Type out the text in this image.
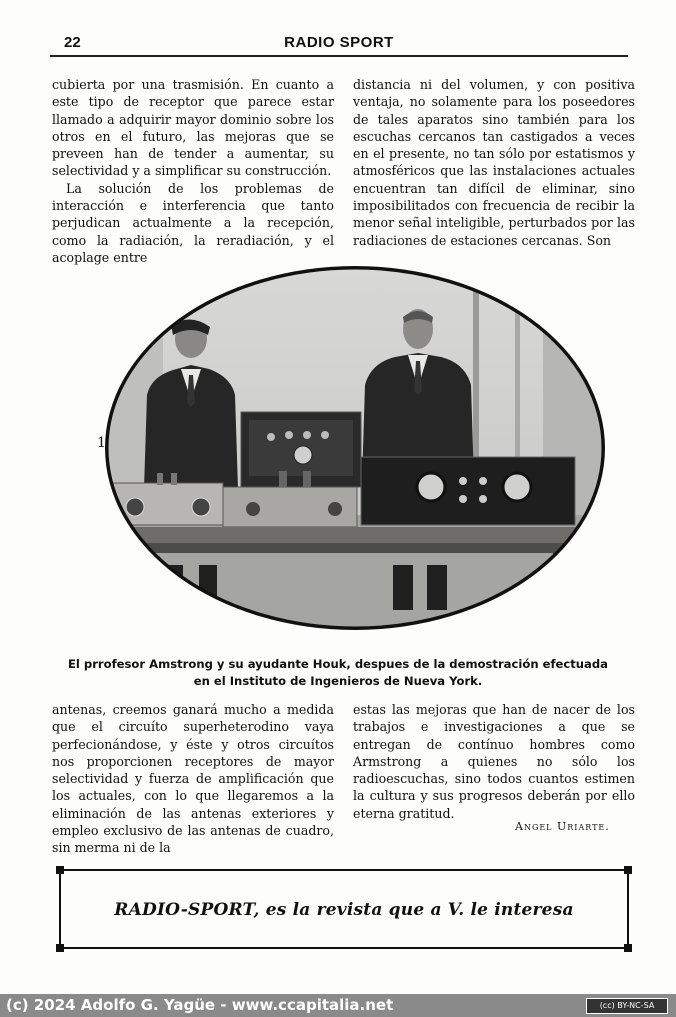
22	RADIO SPORT

cubierta por una trasmisión. En cuanto a este tipo de receptor que parece estar llamado a adquirir mayor dominio sobre los otros en el futuro, las mejoras que se preveen han de tender a aumentar, su selectividad y a simplificar su construcción.

La solución de los problemas de interacción e interferencia que tanto perjudican actualmente a la recepción, como la radiación, la reradiación, y el acoplage entre

distancia ni del volumen, y con positiva ventaja, no solamente para los poseedores de tales aparatos sino también para los escuchas cercanos tan castigados a veces en el presente, no tan sólo por estatismos y atmosféricos que las instalaciones actuales encuentran tan difícil de eliminar, sino imposibilitados con frecuencia de recibir la menor señal inteligible, perturbados por las radiaciones de estaciones cercanas. Son

1
El prrofesor Amstrong y su ayudante Houk, despues de la demostración efectuada
en el Instituto de Ingenieros de Nueva York.

antenas, creemos ganará mucho a medida que el circuíto superheterodino vaya perfecionándose, y éste y otros circuítos nos proporcionen receptores de mayor selectividad y fuerza de amplificación que los actuales, con lo que llegaremos a la eliminación de las antenas exteriores y empleo exclusivo de las antenas de cuadro, sin merma ni de la

estas las mejoras que han de nacer de los trabajos e investigaciones a que se entregan de contínuo hombres como Armstrong a quienes no sólo los radioescuchas, sino todos cuantos estimen la cultura y sus progresos deberán por ello eterna gratitud.

Angel Uriarte.
RADIO-SPORT, es la revista que a V. le interesa
(c) 2024 Adolfo G. Yagüe - www.ccapitalia.net	(cc) BY-NC-SA
